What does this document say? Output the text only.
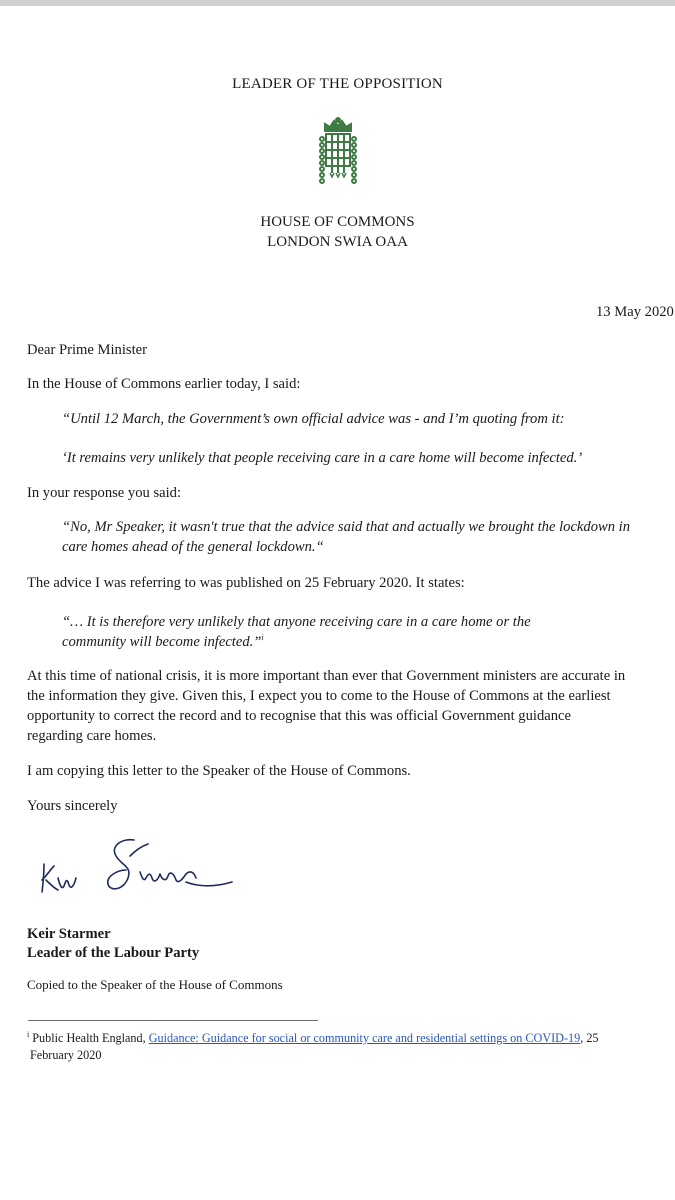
LEADER OF THE OPPOSITION
HOUSE OF COMMONS
LONDON SWIA OAA
13 May 2020
Dear Prime Minister
In the House of Commons earlier today, I said:
“Until 12 March, the Government’s own official advice was - and I’m quoting from it:
‘It remains very unlikely that people receiving care in a care home will become infected.’
In your response you said:
“No, Mr Speaker, it wasn't true that the advice said that and actually we brought the lockdown in
care homes ahead of the general lockdown.“
The advice I was referring to was published on 25 February 2020. It states:
“… It is therefore very unlikely that anyone receiving care in a care home or the
community will become infected.”$^i$
At this time of national crisis, it is more important than ever that Government ministers are accurate in
the information they give. Given this, I expect you to come to the House of Commons at the earliest
opportunity to correct the record and to recognise that this was official Government guidance
regarding care homes.
I am copying this letter to the Speaker of the House of Commons.
Yours sincerely
Keir Starmer
Leader of the Labour Party
Copied to the Speaker of the House of Commons
$^i$ Public Health England, Guidance: Guidance for social or community care and residential settings on COVID-19, 25
February 2020
